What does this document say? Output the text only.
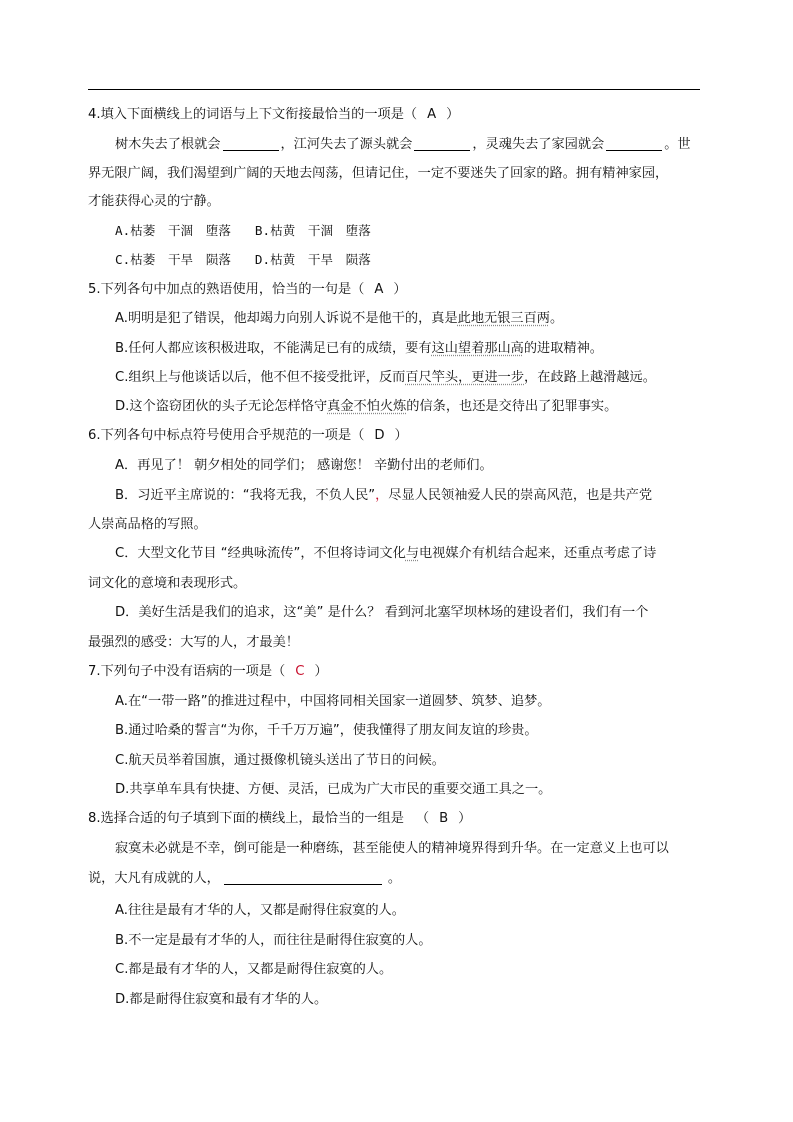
4.填入下面横线上的词语与上下文衔接最恰当的一项是（ A ）
树木失去了根就会	，江河失去了源头就会	，灵魂失去了家园就会	。世
界无限广阔，我们渴望到广阔的天地去闯荡，但请记住，一定不要迷失了回家的路。拥有精神家园，
才能获得心灵的宁静。
A.枯萎　干涸　堕落 B.枯黄　干涸　堕落
C.枯萎　干旱　陨落 D.枯黄　干旱　陨落
5.下列各句中加点的熟语使用，恰当的一句是（ A ）
A.明明是犯了错误，他却竭力向别人诉说不是他干的，真是此地无银三百两。
B.任何人都应该积极进取，不能满足已有的成绩，要有这山望着那山高的进取精神。
C.组织上与他谈话以后，他不但不接受批评，反而百尺竿头，更进一步，在歧路上越滑越远。
D.这个盗窃团伙的头子无论怎样恪守真金不怕火炼的信条，也还是交待出了犯罪事实。
6.下列各句中标点符号使用合乎规范的一项是（ D ）
A．再见了！ 朝夕相处的同学们； 感谢您！ 辛勤付出的老师们。
B．习近平主席说的：“我将无我，不负人民”，尽显人民领袖爱人民的崇高风范，也是共产党
人崇高品格的写照。
C．大型文化节目 “经典咏流传”，不但将诗词文化与电视媒介有机结合起来，还重点考虑了诗
词文化的意境和表现形式。
D．美好生活是我们的追求，这“美” 是什么？ 看到河北塞罕坝林场的建设者们，我们有一个
最强烈的感受：大写的人，才最美！
7.下列句子中没有语病的一项是（ C ）
A.在“一带一路”的推进过程中，中国将同相关国家一道圆梦、筑梦、追梦。
B.通过哈桑的誓言“为你，千千万万遍”，使我懂得了朋友间友谊的珍贵。
C.航天员举着国旗，通过摄像机镜头送出了节日的问候。
D.共享单车具有快捷、方便、灵活，已成为广大市民的重要交通工具之一。
8.选择合适的句子填到下面的横线上，最恰当的一组是 （ B ）
寂寞未必就是不幸，倒可能是一种磨练，甚至能使人的精神境界得到升华。在一定意义上也可以
说，大凡有成就的人，	。
A.往往是最有才华的人，又都是耐得住寂寞的人。
B.不一定是最有才华的人，而往往是耐得住寂寞的人。
C.都是最有才华的人，又都是耐得住寂寞的人。
D.都是耐得住寂寞和最有才华的人。
